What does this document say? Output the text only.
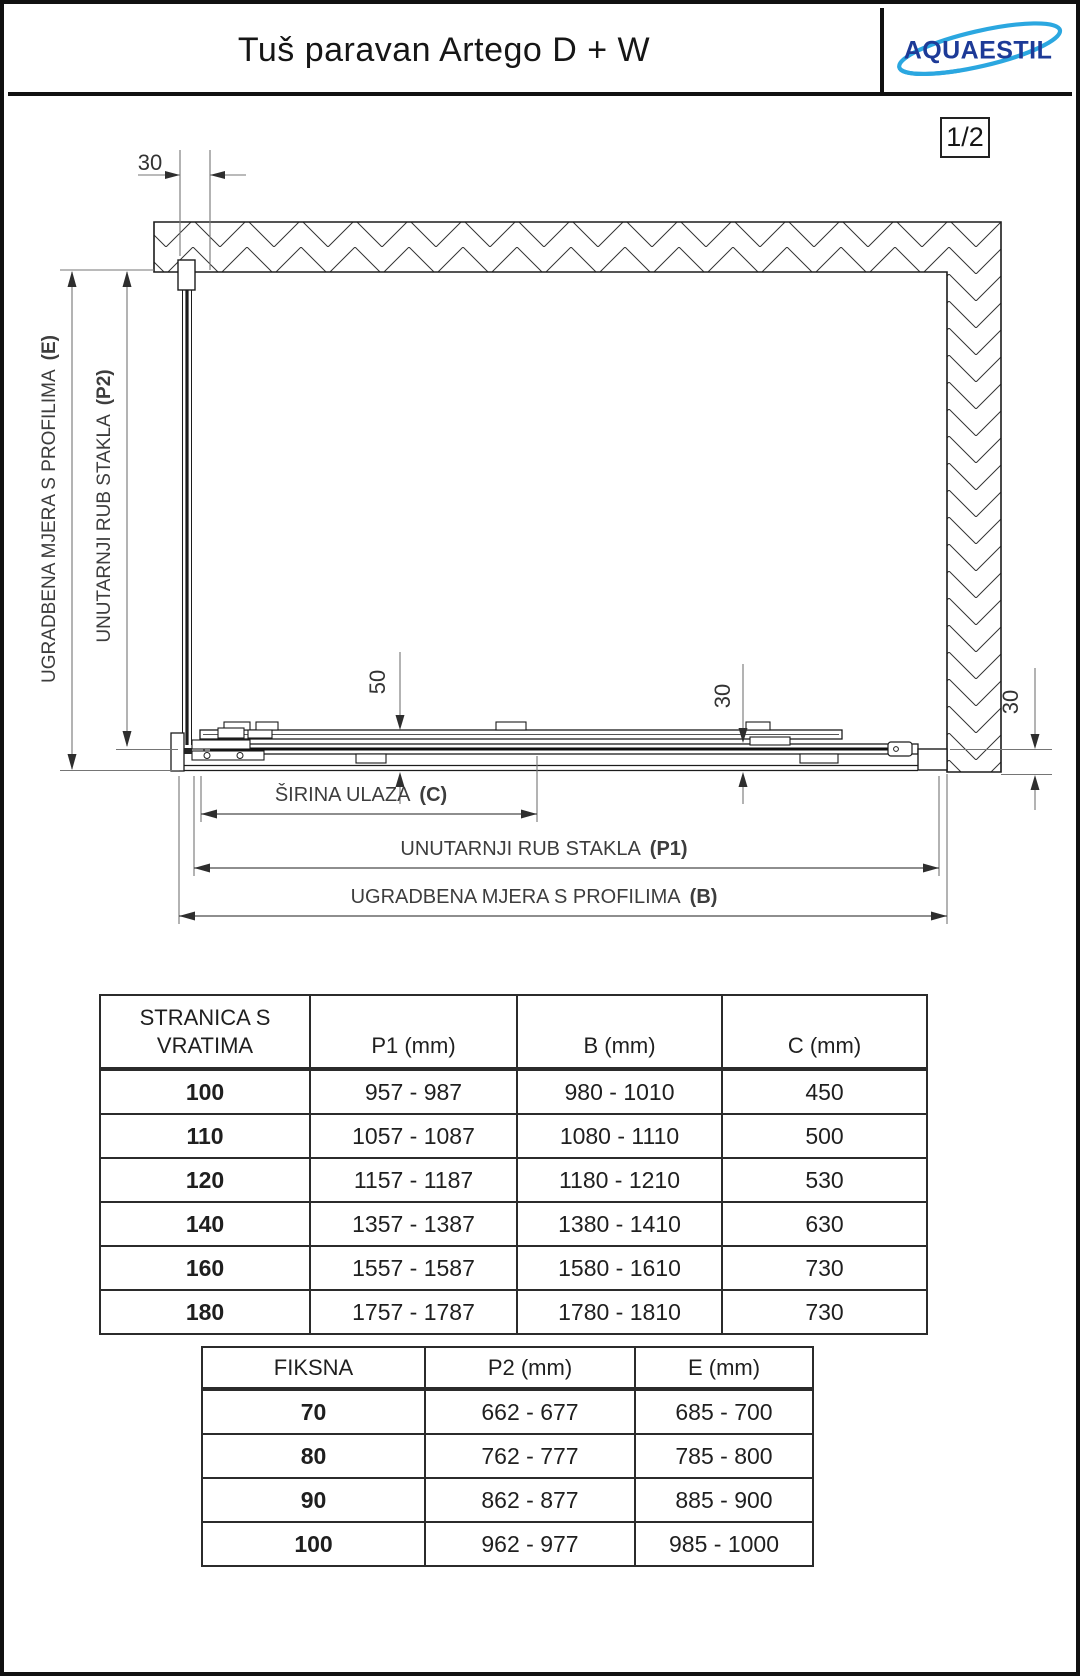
Tuš paravan Artego D + W	AQUAESTIL
1/2
30
UGRADBENA MJERA S PROFILIMA(E)
UNUTARNJI RUB STAKLA(P2)
50
30	30
ŠIRINA ULAZA (C)
UNUTARNJI RUB STAKLA (P1)
UGRADBENA MJERA S PROFILIMA (B)
STRANICA S VRATIMA	P1 (mm)	B (mm)	C (mm)
100	957 - 987	980 - 1010	450
110	1057 - 1087	1080 - 1110	500
120	1157 - 1187	1180 - 1210	530
140	1357 - 1387	1380 - 1410	630
160	1557 - 1587	1580 - 1610	730
180	1757 - 1787	1780 - 1810	730
FIKSNA	P2 (mm)	E (mm)
70	662 - 677	685 - 700
80	762 - 777	785 - 800
90	862 - 877	885 - 900
100	962 - 977	985 - 1000
